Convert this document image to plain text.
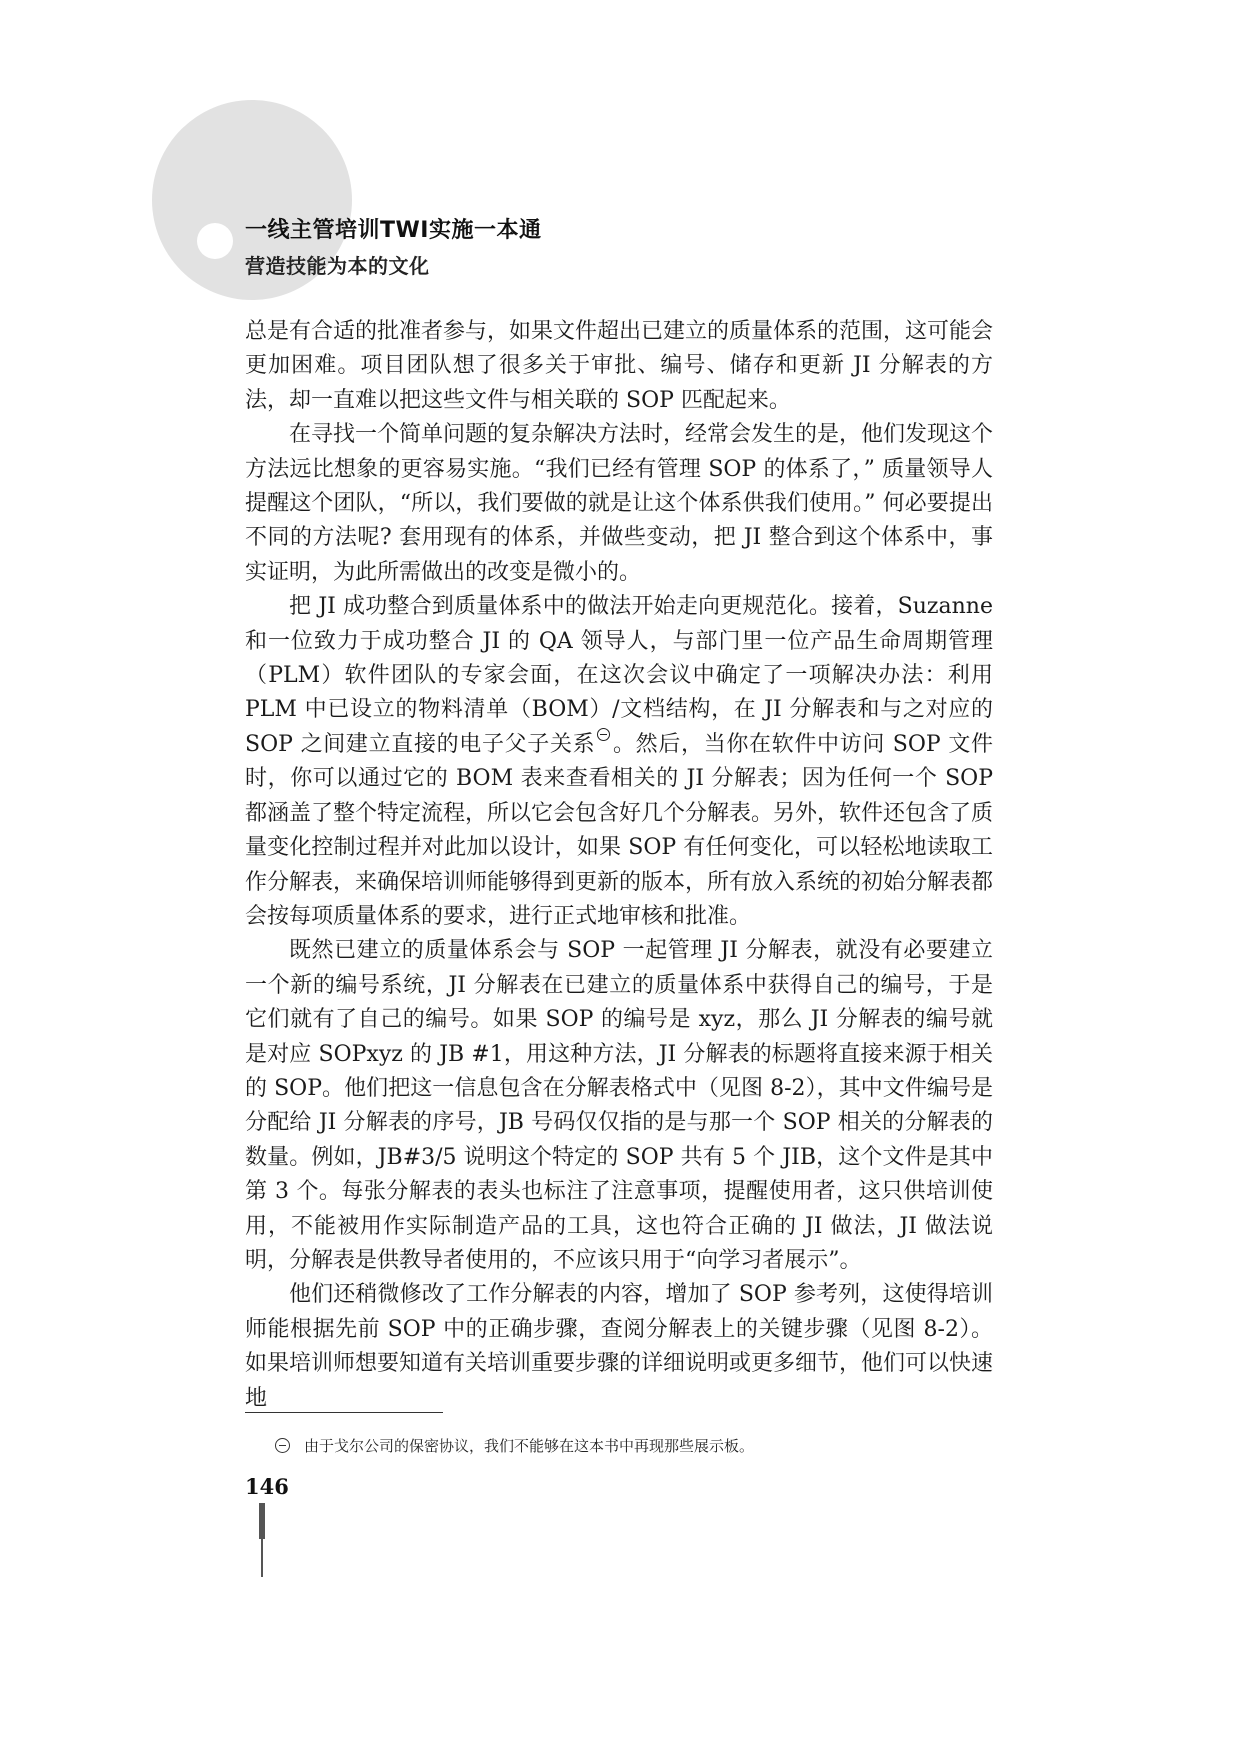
一线主管培训TWI实施一本通
营造技能为本的文化

总是有合适的批准者参与，如果文件超出已建立的质量体系的范围，这可能会更加困难。项目团队想了很多关于审批、编号、储存和更新 JI 分解表的方法，却一直难以把这些文件与相关联的 SOP 匹配起来。

在寻找一个简单问题的复杂解决方法时，经常会发生的是，他们发现这个方法远比想象的更容易实施。“我们已经有管理 SOP 的体系了，” 质量领导人提醒这个团队，“所以，我们要做的就是让这个体系供我们使用。” 何必要提出不同的方法呢? 套用现有的体系，并做些变动，把 JI 整合到这个体系中，事实证明，为此所需做出的改变是微小的。

把 JI 成功整合到质量体系中的做法开始走向更规范化。接着，Suzanne 和一位致力于成功整合 JI 的 QA 领导人，与部门里一位产品生命周期管理（PLM）软件团队的专家会面，在这次会议中确定了一项解决办法：利用 PLM 中已设立的物料清单（BOM）/文档结构，在 JI 分解表和与之对应的 SOP 之间建立直接的电子父子关系 。然后，当你在软件中访问 SOP 文件时，你可以通过它的 BOM 表来查看相关的 JI 分解表；因为任何一个 SOP 都涵盖了整个特定流程，所以它会包含好几个分解表。另外，软件还包含了质量变化控制过程并对此加以设计，如果 SOP 有任何变化，可以轻松地读取工作分解表，来确保培训师能够得到更新的版本，所有放入系统的初始分解表都会按每项质量体系的要求，进行正式地审核和批准。

既然已建立的质量体系会与 SOP 一起管理 JI 分解表，就没有必要建立一个新的编号系统，JI 分解表在已建立的质量体系中获得自己的编号，于是它们就有了自己的编号。如果 SOP 的编号是 xyz，那么 JI 分解表的编号就是对应 SOPxyz 的 JB #1，用这种方法，JI 分解表的标题将直接来源于相关的 SOP。他们把这一信息包含在分解表格式中（见图 8-2），其中文件编号是分配给 JI 分解表的序号，JB 号码仅仅指的是与那一个 SOP 相关的分解表的数量。例如，JB#3/5 说明这个特定的 SOP 共有 5 个 JIB，这个文件是其中第 3 个。每张分解表的表头也标注了注意事项，提醒使用者，这只供培训使用，不能被用作实际制造产品的工具，这也符合正确的 JI 做法，JI 做法说明，分解表是供教导者使用的，不应该只用于“向学习者展示”。

他们还稍微修改了工作分解表的内容，增加了 SOP 参考列，这使得培训师能根据先前 SOP 中的正确步骤，查阅分解表上的关键步骤（见图 8-2）。如果培训师想要知道有关培训重要步骤的详细说明或更多细节，他们可以快速地

由于戈尔公司的保密协议，我们不能够在这本书中再现那些展示板。

146
